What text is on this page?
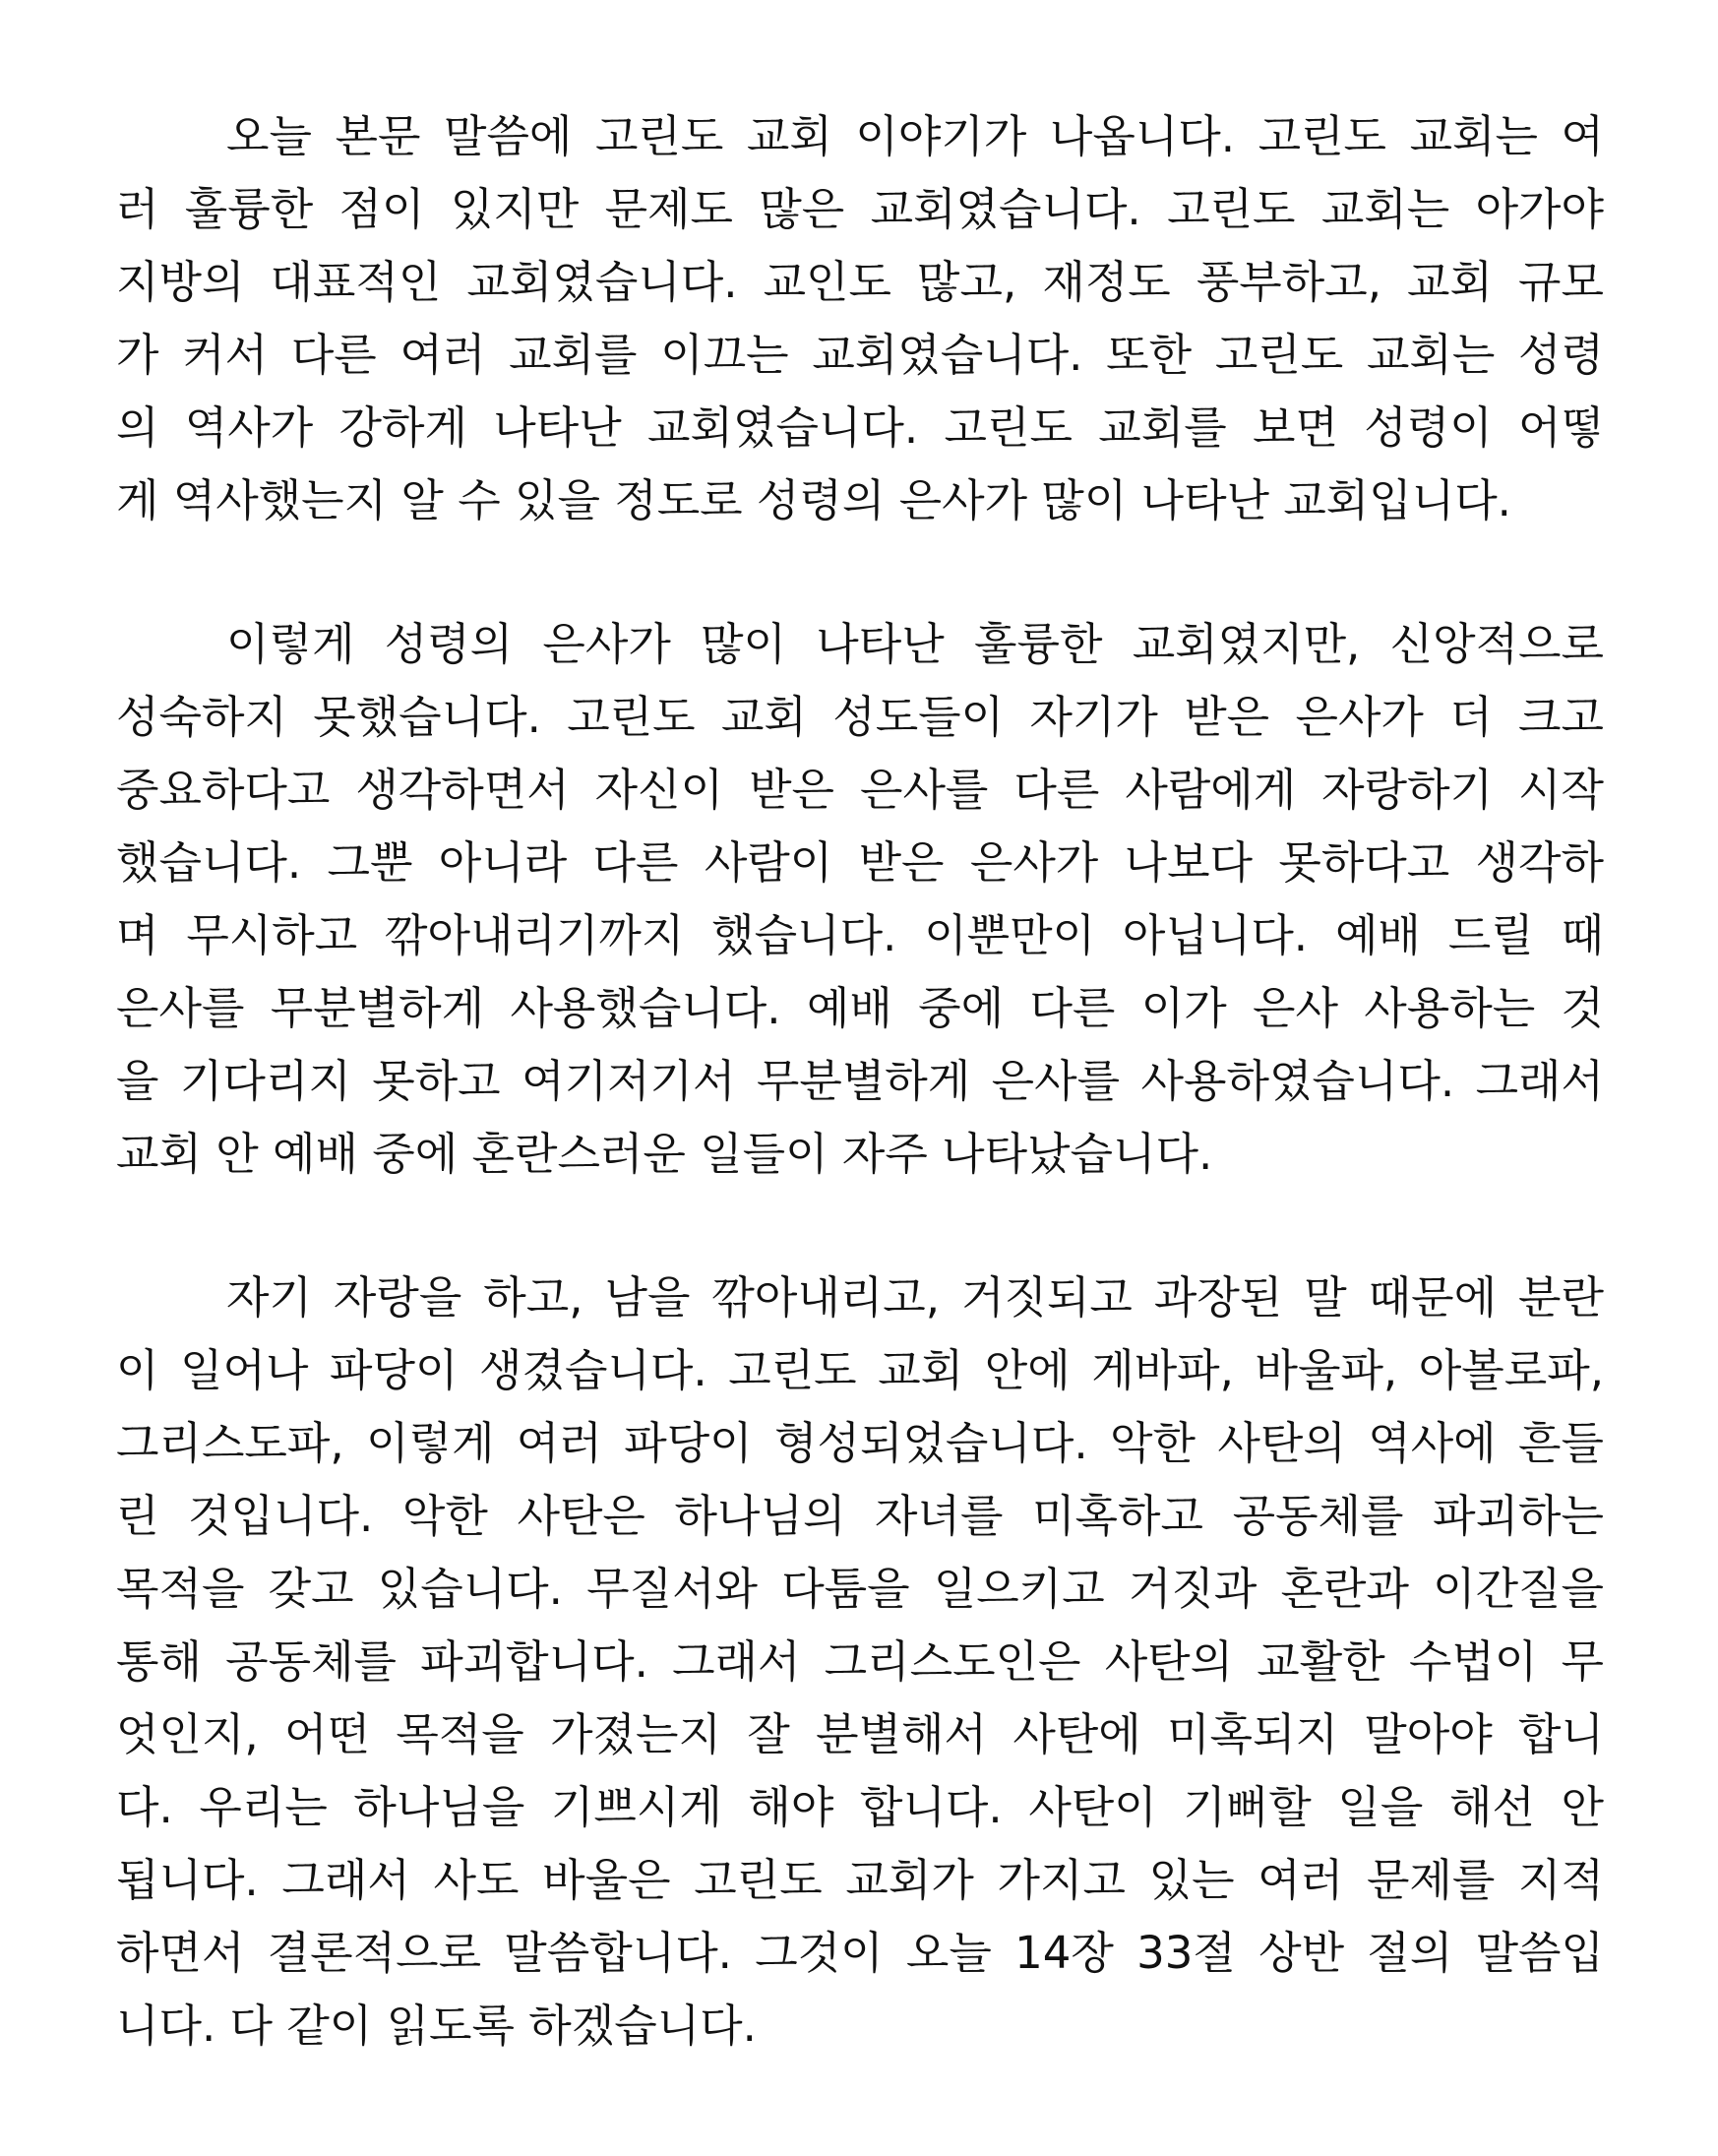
오늘 본문 말씀에 고린도 교회 이야기가 나옵니다. 고린도 교회는 여
러 훌륭한 점이 있지만 문제도 많은 교회였습니다. 고린도 교회는 아가야
지방의 대표적인 교회였습니다. 교인도 많고, 재정도 풍부하고, 교회 규모
가 커서 다른 여러 교회를 이끄는 교회였습니다. 또한 고린도 교회는 성령
의 역사가 강하게 나타난 교회였습니다. 고린도 교회를 보면 성령이 어떻
게 역사했는지 알 수 있을 정도로 성령의 은사가 많이 나타난 교회입니다.
이렇게 성령의 은사가 많이 나타난 훌륭한 교회였지만, 신앙적으로
성숙하지 못했습니다. 고린도 교회 성도들이 자기가 받은 은사가 더 크고
중요하다고 생각하면서 자신이 받은 은사를 다른 사람에게 자랑하기 시작
했습니다. 그뿐 아니라 다른 사람이 받은 은사가 나보다 못하다고 생각하
며 무시하고 깎아내리기까지 했습니다. 이뿐만이 아닙니다. 예배 드릴 때
은사를 무분별하게 사용했습니다. 예배 중에 다른 이가 은사 사용하는 것
을 기다리지 못하고 여기저기서 무분별하게 은사를 사용하였습니다. 그래서
교회 안 예배 중에 혼란스러운 일들이 자주 나타났습니다.
자기 자랑을 하고, 남을 깎아내리고, 거짓되고 과장된 말 때문에 분란
이 일어나 파당이 생겼습니다. 고린도 교회 안에 게바파, 바울파, 아볼로파,
그리스도파, 이렇게 여러 파당이 형성되었습니다. 악한 사탄의 역사에 흔들
린 것입니다. 악한 사탄은 하나님의 자녀를 미혹하고 공동체를 파괴하는
목적을 갖고 있습니다. 무질서와 다툼을 일으키고 거짓과 혼란과 이간질을
통해 공동체를 파괴합니다. 그래서 그리스도인은 사탄의 교활한 수법이 무
엇인지, 어떤 목적을 가졌는지 잘 분별해서 사탄에 미혹되지 말아야 합니
다. 우리는 하나님을 기쁘시게 해야 합니다. 사탄이 기뻐할 일을 해선 안
됩니다. 그래서 사도 바울은 고린도 교회가 가지고 있는 여러 문제를 지적
하면서 결론적으로 말씀합니다. 그것이 오늘 14장 33절 상반 절의 말씀입
니다. 다 같이 읽도록 하겠습니다.
